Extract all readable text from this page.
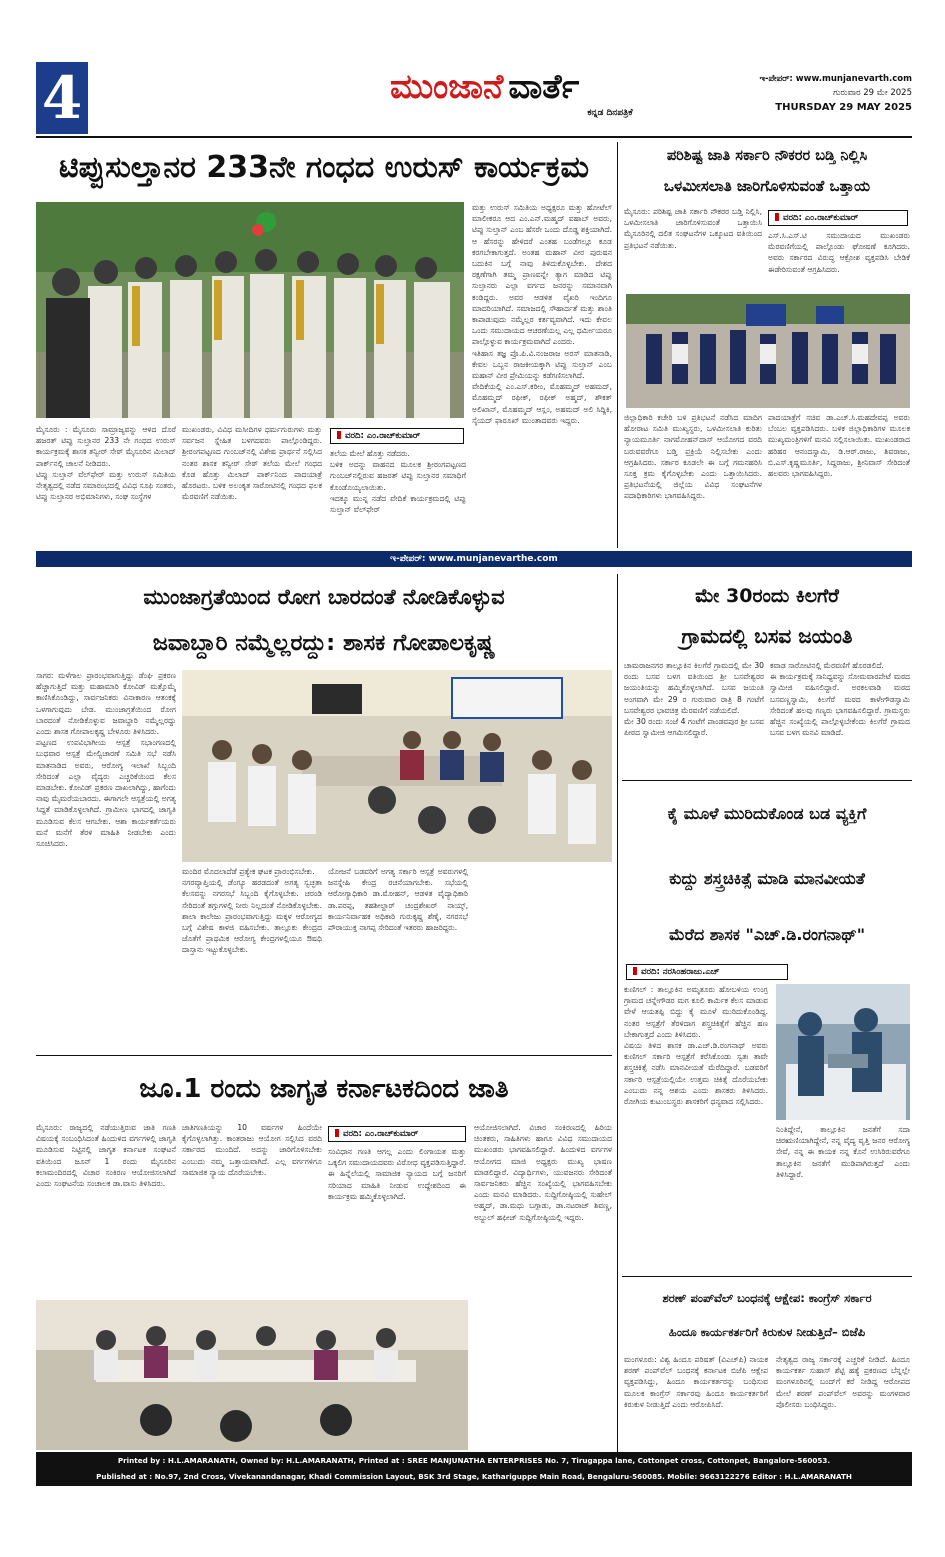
4	ಮುಂಜಾನೆ ವಾರ್ತೆ
ಕನ್ನಡ ದಿನಪತ್ರಿಕೆ
ಇ-ಪೇಪರ್: www.munjanevarth.com
ಗುರುವಾರ 29 ಮೇ 2025
THURSDAY 29 MAY 2025
ಟಿಪ್ಪುಸುಲ್ತಾನರ 233ನೇ ಗಂಧದ ಉರುಸ್ ಕಾರ್ಯಕ್ರಮ
ಮತ್ತು ಉರುಸ್ ಸಮಿತಿಯ ಅಧ್ಯಕ್ಷರೂ ಮತ್ತು ಹೋಟೆಲ್ ಮಾಲೀಕರೂ ಆದ ಎಂ.ಎನ್.ಮಹ್ಮದ್ ವಹಾಬ್ ಅವರು, ಟಿಪ್ಪು ಸುಲ್ತಾನ್ ಎಂಬ ಹೆಸರೇ ಒಂದು ದೊಡ್ಡ ಶಕ್ತಿಯಾಗಿದೆ. ಆ ಹೆಸರನ್ನು ಹೇಳಿದರೆ ಎಂತಹ ಬಂಡೆಗಲ್ಲೂ ಕೂಡ ಕರಗಬೇಕಾಗುತ್ತದೆ. ಅಂತಹ ಮಹಾನ್ ವೀರ ಪುರುಷನ ಬದುಕಿನ ಬಗ್ಗೆ ನಾವು ತಿಳಿದುಕೊಳ್ಳಬೇಕು. ದೇಶದ ರಕ್ಷಣೆಗಾಗಿ ತಮ್ಮ ಪ್ರಾಣವನ್ನೇ ತ್ಯಾಗ ಮಾಡಿದ ಟಿಪ್ಪು ಸುಲ್ತಾನರು ಎಲ್ಲಾ ವರ್ಗದ ಜನರನ್ನು ಸಮಾನವಾಗಿ ಕಂಡಿದ್ದರು. ಅವರ ಆಡಳಿತ ವೈಖರಿ ಇಂದಿಗೂ ಮಾದರಿಯಾಗಿದೆ. ಸಮಾಜದಲ್ಲಿ ಸೌಹಾರ್ದತೆ ಮತ್ತು ಶಾಂತಿ ಕಾಪಾಡುವುದು ನಮ್ಮೆಲ್ಲರ ಕರ್ತವ್ಯವಾಗಿದೆ. ಇದು ಕೇವಲ ಒಂದು ಸಮುದಾಯದ ಆಚರಣೆಯಲ್ಲ ಎಲ್ಲ ಧರ್ಮೀಯರೂ ಪಾಲ್ಗೊಳ್ಳುವ ಕಾರ್ಯಕ್ರಮವಾಗಿದೆ ಎಂದರು.
ಇತಿಹಾಸ ತಜ್ಞ ಪ್ರೊ.ಪಿ.ವಿ.ನಂಜರಾಜ ಅರಸ್ ಮಾತನಾಡಿ, ಕೇವಲ ಒಬ್ಬನ ರಾಜಕೀಯಕ್ಕಾಗಿ ಟಿಪ್ಪು ಸುಲ್ತಾನ್ ಎಂಬ ಮಹಾನ್ ವೀರ ಪ್ರೇಮಿಯನ್ನು ಕಡೆಗಣಿಸಲಾಗಿದೆ.
ವೇದಿಕೆಯಲ್ಲಿ ಎಂ.ಎಸ್.ಕರೀಂ, ಮೊಹಮ್ಮದ್ ಅಹಮದ್, ಮೊಹಮ್ಮದ್ ರಫೀಕ್, ರಫೀಕ್ ಅಹ್ಮದ್, ಶೌಕತ್ ಅಲಿಖಾನ್, ಮೊಹಮ್ಮದ್ ಆಸ್ಲಂ, ಅಹಮದ್ ಅಲಿ ಸಿದ್ದಿಕಿ, ಸೈಯದ್ ಫಾರೂಖ್ ಮುಂತಾದವರು ಇದ್ದರು.
ಮೈಸೂರು : ಮೈಸೂರು ಸಾಮ್ರಾಜ್ಯವನ್ನು ಆಳಿದ ದೊರೆ ಹಜರತ್ ಟಿಪ್ಪು ಸುಲ್ತಾನರ 233 ನೇ ಗಂಧದ ಉರುಸ್ ಕಾರ್ಯಕ್ರಮಕ್ಕೆ ಶಾಸಕ ತನ್ವೀರ್ ಸೇಠ್ ಮೈಸೂರಿನ ಮಿಲಾದ್ ಪಾರ್ಕ್‌ನಲ್ಲಿ ಚಾಲನೆ ನೀಡಿದರು.
ಟಿಪ್ಪು ಸುಲ್ತಾನ್ ವೆಲ್‌ಫೇರ್ ಮತ್ತು ಉರುಸ್ ಸಮಿತಿಯ ನೇತೃತ್ವದಲ್ಲಿ ನಡೆದ ಸಮಾರಂಭದಲ್ಲಿ ವಿವಿಧ ಸೂಫಿ ಸಂತರು, ಟಿಪ್ಪು ಸುಲ್ತಾನರ ಅಭಿಮಾನಿಗಳು, ಸಂಘ ಸಂಸ್ಥೆಗಳ
ಮುಖಂಡರು, ವಿವಿಧ ಮಸೀದಿಗಳ ಧರ್ಮಗುರುಗಳು ಮತ್ತು ಸರ್ವಜನ ಸ್ನೇಹಿತ ಬಳಗದವರು ಪಾಲ್ಗೊಂಡಿದ್ದರು. ಶ್ರೀರಂಗಪಟ್ಟಣದ ಗುಂಬಜ್‌ನಲ್ಲಿ ವಿಶೇಷ ಪ್ರಾರ್ಥನೆ ಸಲ್ಲಿಸಿದ ನಂತರ ಶಾಸಕ ತನ್ವೀರ್ ಸೇಠ್ ತಲೆಯ ಮೇಲೆ ಗಂಧದ ಕೊಡ ಹೊತ್ತು ಮಿಲಾದ್ ಪಾರ್ಕ್‌ನಿಂದ ಪಾದಯಾತ್ರೆ ಹೊರಟರು. ಬಳಿಕ ಅಲಂಕೃತ ಸಾರೋಟಿನಲ್ಲಿ ಗಂಧದ ಫಲಕ ಮೆರವಣಿಗೆ ನಡೆಯಿತು.
ವರದಿ: ಎಂ.ರಾಚ್‌ಕುಮಾರ್
ತಲೆಯ ಮೇಲೆ ಹೊತ್ತು ನಡೆದರು.
ಬಳಿಕ ಅದನ್ನು ವಾಹನದ ಮೂಲಕ ಶ್ರೀರಂಗಪಟ್ಟಣದ ಗುಂಬಜ್‌ನಲ್ಲಿರುವ ಹಜರತ್ ಟಿಪ್ಪು ಸುಲ್ತಾನರ ಸಮಾಧಿಗೆ ಕೊಂಡೊಯ್ಯಲಾಯಿತು.
ಇದಕ್ಕೂ ಮುನ್ನ ನಡೆದ ವೇದಿಕೆ ಕಾರ್ಯಕ್ರಮದಲ್ಲಿ ಟಿಪ್ಪು ಸುಲ್ತಾನ್ ವೆಲ್‌ಫೇರ್
ಪರಿಶಿಷ್ಟ ಜಾತಿ ಸರ್ಕಾರಿ ನೌಕರರ ಬಡ್ತಿ ನಿಲ್ಲಿಸಿ
ಒಳಮೀಸಲಾತಿ ಜಾರಿಗೊಳಿಸುವಂತೆ ಒತ್ತಾಯ
ಮೈಸೂರು: ಪರಿಶಿಷ್ಟ ಜಾತಿ ಸರ್ಕಾರಿ ನೌಕರರ ಬಡ್ತಿ ನಿಲ್ಲಿಸಿ, ಒಳಮೀಸಲಾತಿ ಜಾರಿಗೊಳಿಸುವಂತೆ ಒತ್ತಾಯಿಸಿ ಮೈಸೂರಿನಲ್ಲಿ ದಲಿತ ಸಂಘಟನೆಗಳ ಒಕ್ಕೂಟದ ವತಿಯಿಂದ ಪ್ರತಿಭಟನೆ ನಡೆಯಿತು.
ವರದಿ: ಎಂ.ರಾಚ್‌ಕುಮಾರ್
ಎಸ್.ಸಿ.ಎಸ್.ಟಿ ಸಮುದಾಯದ ಮುಖಂಡರು ಮೆರವಣಿಗೆಯಲ್ಲಿ ಪಾಲ್ಗೊಂಡು ಘೋಷಣೆ ಕೂಗಿದರು. ಅವರು ಸರ್ಕಾರದ ವಿರುದ್ಧ ಆಕ್ರೋಶ ವ್ಯಕ್ತಪಡಿಸಿ ಬೇಡಿಕೆ ಈಡೇರಿಸುವಂತೆ ಆಗ್ರಹಿಸಿದರು.
ಜಿಲ್ಲಾಧಿಕಾರಿ ಕಚೇರಿ ಬಳಿ ಪ್ರತಿಭಟನೆ ನಡೆಸಿದ ಮಾದಿಗ ಹೋರಾಟ ಸಮಿತಿ ಮುಖ್ಯಸ್ಥರು, ಒಳಮೀಸಲಾತಿ ಕುರಿತು ನ್ಯಾಯಮೂರ್ತಿ ನಾಗಮೋಹನ್‌ದಾಸ್ ಆಯೋಗದ ವರದಿ ಬರುವವರೆಗೂ ಬಡ್ತಿ ಪ್ರಕ್ರಿಯೆ ನಿಲ್ಲಿಸಬೇಕು ಎಂದು ಆಗ್ರಹಿಸಿದರು. ಸರ್ಕಾರ ಕೂಡಲೇ ಈ ಬಗ್ಗೆ ಗಮನಹರಿಸಿ ಸೂಕ್ತ ಕ್ರಮ ಕೈಗೊಳ್ಳಬೇಕು ಎಂದು ಒತ್ತಾಯಿಸಿದರು. ಪ್ರತಿಭಟನೆಯಲ್ಲಿ ಜಿಲ್ಲೆಯ ವಿವಿಧ ಸಂಘಟನೆಗಳ ಪದಾಧಿಕಾರಿಗಳು ಭಾಗವಹಿಸಿದ್ದರು.
ಪಾದಯಾತ್ರೆಗೆ ಸಚಿವ ಡಾ.ಎಚ್.ಸಿ.ಮಹದೇವಪ್ಪ ಅವರು ಬೆಂಬಲ ವ್ಯಕ್ತಪಡಿಸಿದರು. ಬಳಿಕ ಜಿಲ್ಲಾಧಿಕಾರಿಗಳ ಮೂಲಕ ಮುಖ್ಯಮಂತ್ರಿಗಳಿಗೆ ಮನವಿ ಸಲ್ಲಿಸಲಾಯಿತು. ಮುಖಂಡರಾದ ಹರಿಹರ ಆನಂದಸ್ವಾಮಿ, ಡಿ.ಆರ್.ರಾಜು, ಶಿವರಾಜು, ಬಿ.ಎಸ್.ಕೃಷ್ಣಮೂರ್ತಿ, ಸಿದ್ದರಾಜು, ಶ್ರೀನಿವಾಸ್ ಸೇರಿದಂತೆ ಹಲವರು ಭಾಗವಹಿಸಿದ್ದರು.
ಇ-ಪೇಪರ್: www.munjanevarthe.com
ಮುಂಜಾಗ್ರತೆಯಿಂದ ರೋಗ ಬಾರದಂತೆ ನೋಡಿಕೊಳ್ಳುವ
ಜವಾಬ್ದಾರಿ ನಮ್ಮೆಲ್ಲರದ್ದು: ಶಾಸಕ ಗೋಪಾಲಕೃಷ್ಣ
ಸಾಗರ: ಮಳೆಗಾಲ ಪ್ರಾರಂಭವಾಗುತ್ತಿದ್ದು ಡೆಂಘಿ ಪ್ರಕರಣ ಹೆಚ್ಚಾಗುತ್ತಿದೆ ಮತ್ತು ಮಹಾಮಾರಿ ಕೋವಿಡ್ ಮತ್ತೊಮ್ಮೆ ಕಾಣಿಸಿಕೊಂಡಿದ್ದು, ಸಾರ್ವಜನಿಕರು ವಿನಾಕಾರಣ ಆತಂಕಕ್ಕೆ ಒಳಗಾಗುವುದು ಬೇಡ. ಮುಂಜಾಗ್ರತೆಯಿಂದ ರೋಗ ಬಾರದಂತೆ ನೋಡಿಕೊಳ್ಳುವ ಜವಾಬ್ದಾರಿ ನಮ್ಮೆಲ್ಲರದ್ದು ಎಂದು ಶಾಸಕ ಗೋಪಾಲಕೃಷ್ಣ ಬೇಳೂರು ತಿಳಿಸಿದರು.
ಪಟ್ಟಣದ ಉಪವಿಭಾಗೀಯ ಆಸ್ಪತ್ರೆ ಸಭಾಂಗಣದಲ್ಲಿ ಬುಧವಾರ ಆಸ್ಪತ್ರೆ ಮೇಲ್ವಿಚಾರಣೆ ಸಮಿತಿ ಸಭೆ ನಡೆಸಿ ಮಾತನಾಡಿದ ಅವರು, ಆರೋಗ್ಯ ಇಲಾಖೆ ಸಿಬ್ಬಂದಿ ಸೇರಿದಂತೆ ಎಲ್ಲಾ ವೈದ್ಯರು ಎಚ್ಚರಿಕೆಯಿಂದ ಕೆಲಸ ಮಾಡಬೇಕು. ಕೋವಿಡ್ ಪ್ರಕರಣ ದಾಖಲಾಗಿದ್ದು, ಹಾಗೆಂದು ನಾವು ಮೈಮರೆಯಬಾರದು. ಈಗಾಗಲೇ ಆಸ್ಪತ್ರೆಯಲ್ಲಿ ಅಗತ್ಯ ಸಿದ್ದತೆ ಮಾಡಿಕೊಳ್ಳಲಾಗಿದೆ. ಗ್ರಾಮೀಣ ಭಾಗದಲ್ಲಿ ಜಾಗೃತಿ ಮೂಡಿಸುವ ಕೆಲಸ ಆಗಬೇಕು. ಆಶಾ ಕಾರ್ಯಕರ್ತೆಯರು ಮನೆ ಮನೆಗೆ ತೆರಳಿ ಮಾಹಿತಿ ನೀಡಬೇಕು ಎಂದು ಸೂಚಿಸಿದರು.
ಮಂದಿರ ಮೊದಲಾದೆಡೆ ಪ್ರತ್ಯೇಕ ಘಟಕ ಪ್ರಾರಂಭಿಸಬೇಕು.
ನಗರವ್ಯಾಪ್ತಿಯಲ್ಲಿ ಡೆಂಗ್ಯೂ ಹರಡದಂತೆ ಅಗತ್ಯ ಸ್ವಚ್ಛತಾ ಕೆಲಸವನ್ನು ನಗರಸಭೆ ಸಿಬ್ಬಂದಿ ಕೈಗೊಳ್ಳಬೇಕು. ಚರಂಡಿ ಸೇರಿದಂತೆ ತಗ್ಗುಗಳಲ್ಲಿ ನೀರು ನಿಲ್ಲದಂತೆ ನೋಡಿಕೊಳ್ಳಬೇಕು. ಶಾಲಾ ಕಾಲೇಜು ಪ್ರಾರಂಭವಾಗುತ್ತಿದ್ದು ಮಕ್ಕಳ ಆರೋಗ್ಯದ ಬಗ್ಗೆ ವಿಶೇಷ ಕಾಳಜಿ ವಹಿಸಬೇಕು. ತಾಲ್ಲೂಕು ಕೇಂದ್ರದ ಜೊತೆಗೆ ಪ್ರಾಥಮಿಕ ಆರೋಗ್ಯ ಕೇಂದ್ರಗಳಲ್ಲಿಯೂ ಔಷಧಿ ದಾಸ್ತಾನು ಇಟ್ಟುಕೊಳ್ಳಬೇಕು.
ಯೋಜನೆ ಬಡವರಿಗೆ ಅಗತ್ಯ ಸರ್ಕಾರಿ ಆಸ್ಪತ್ರೆ ಅವರುಗಳಲ್ಲಿ ಜನಸ್ನೇಹಿ ಕೇಂದ್ರ ರಚನೆಯಾಗಬೇಕು. ಸಭೆಯಲ್ಲಿ ಆರೋಗ್ಯಾಧಿಕಾರಿ ಡಾ.ಮೋಹನ್, ಆಡಳಿತ ವೈದ್ಯಾಧಿಕಾರಿ ಡಾ.ಪರಪ್ಪ, ತಹಶೀಲ್ದಾರ್ ಚಂದ್ರಶೇಖರ್ ನಾಯ್ಕ್, ಕಾರ್ಯನಿರ್ವಾಹಕ ಅಧಿಕಾರಿ ಗುರುಕೃಷ್ಣ ಶೆಣೈ, ನಗರಸಭೆ ಪೌರಾಯುಕ್ತ ನಾಗಪ್ಪ ಸೇರಿದಂತೆ ಇತರರು ಹಾಜರಿದ್ದರು.
ಮೇ 30ರಂದು ಕಿಲಗೆರೆ
ಗ್ರಾಮದಲ್ಲಿ ಬಸವ ಜಯಂತಿ
ಚಾಮರಾಜನಗರ ತಾಲ್ಲೂಕಿನ ಕಿಲಗೆರೆ ಗ್ರಾಮದಲ್ಲಿ ಮೇ 30 ರಂದು ಬಸವ ಬಳಗ ವತಿಯಿಂದ ಶ್ರೀ ಬಸವೇಶ್ವರರ ಜಯಂತಿಯನ್ನು ಹಮ್ಮಿಕೊಳ್ಳಲಾಗಿದೆ. ಬಸವ ಜಯಂತಿ ಅಂಗವಾಗಿ ಮೇ 29 ರ ಗುರುವಾರ ರಾತ್ರಿ 8 ಗಂಟೆಗೆ ಬಸವೇಶ್ವರರ ಭಾವಚಿತ್ರ ಮೆರವಣಿಗೆ ನಡೆಯಲಿದೆ.
ಮೇ 30 ರಂದು ಸಂಜೆ 4 ಗಂಟೆಗೆ ಪಾಂಡವಪುರ ಶ್ರೀ ಬಸವ ಪೀಠದ ಸ್ವಾಮೀಜಿ ಆಗಮಿಸಲಿದ್ದಾರೆ.
ಕವಾಡ ಸಾರೋಟಿನಲ್ಲಿ ಮೆರವಣಿಗೆ ಹೊರಡಲಿದೆ.
ಈ ಕಾರ್ಯಕ್ರಮಕ್ಕೆ ಸಾನಿಧ್ಯವನ್ನು ಸೋಮವಾರಪೇಟೆ ಮಠದ ಸ್ವಾಮೀಜಿ ವಹಿಸಲಿದ್ದಾರೆ. ಅರಕಲವಾಡಿ ಮಠದ ಬಸವಣ್ಣಸ್ವಾಮಿ, ಕಿಲಗೆರೆ ಮಠದ ಕಾಳೇಗೌಡಸ್ವಾಮಿ ಸೇರಿದಂತೆ ಹಲವು ಗಣ್ಯರು ಭಾಗವಹಿಸಲಿದ್ದಾರೆ. ಗ್ರಾಮಸ್ಥರು ಹೆಚ್ಚಿನ ಸಂಖ್ಯೆಯಲ್ಲಿ ಪಾಲ್ಗೊಳ್ಳಬೇಕೆಂದು ಕಿಲಗೆರೆ ಗ್ರಾಮದ ಬಸವ ಬಳಗ ಮನವಿ ಮಾಡಿದೆ.
ಕೈ ಮೂಳೆ ಮುರಿದುಕೊಂಡ ಬಡ ವ್ಯಕ್ತಿಗೆ
ಕುದ್ದು ಶಸ್ತ್ರಚಿಕಿತ್ಸೆ ಮಾಡಿ ಮಾನವೀಯತೆ
ಮೆರೆದ ಶಾಸಕ "ಎಚ್.ಡಿ.ರಂಗನಾಥ್"
ವರದಿ: ನರಸಿಂಹರಾಜು.ಎಚ್
ಕುಣಿಗಲ್ : ತಾಲ್ಲೂಕಿನ ಅಮೃತೂರು ಹೋಬಳಿಯ ಉಂಗ್ರ ಗ್ರಾಮದ ಚನ್ನೇಗೌಡರ ಮಗ ಕೂಲಿ ಕಾರ್ಮಿಕ ಕೆಲಸ ಮಾಡುವ ವೇಳೆ ಆಯತಪ್ಪಿ ಬಿದ್ದು ಕೈ ಮೂಳೆ ಮುರಿದುಕೊಂಡಿದ್ದ. ನಂತರ ಆಸ್ಪತ್ರೆಗೆ ತೆರಳಿದಾಗ ಶಸ್ತ್ರಚಿಕಿತ್ಸೆಗೆ ಹೆಚ್ಚಿನ ಹಣ ಬೇಕಾಗುತ್ತದೆ ಎಂದು ತಿಳಿಸಿದರು.
ವಿಷಯ ತಿಳಿದ ಶಾಸಕ ಡಾ.ಎಚ್.ಡಿ.ರಂಗನಾಥ್ ಅವರು ಕುಣಿಗಲ್ ಸರ್ಕಾರಿ ಆಸ್ಪತ್ರೆಗೆ ಕರೆಸಿಕೊಂಡು ಸ್ವತಃ ತಾವೇ ಶಸ್ತ್ರಚಿಕಿತ್ಸೆ ನಡೆಸಿ ಮಾನವೀಯತೆ ಮೆರೆದಿದ್ದಾರೆ. ಬಡವರಿಗೆ ಸರ್ಕಾರಿ ಆಸ್ಪತ್ರೆಯಲ್ಲಿಯೇ ಉತ್ತಮ ಚಿಕಿತ್ಸೆ ದೊರೆಯಬೇಕು ಎಂಬುದು ನನ್ನ ಆಶಯ ಎಂದು ಶಾಸಕರು ತಿಳಿಸಿದರು. ರೋಗಿಯ ಕುಟುಂಬಸ್ಥರು ಶಾಸಕರಿಗೆ ಧನ್ಯವಾದ ಸಲ್ಲಿಸಿದರು.
ನಿಂತಿದ್ದೇನೆ, ತಾಲ್ಲೂಕಿನ ಜನತೆಗೆ ಸದಾ ಚಿರಋಣಿಯಾಗಿದ್ದೇನೆ, ನನ್ನ ವೈದ್ಯ ವೃತ್ತಿ ಜನರ ಆರೋಗ್ಯ ಸೇವೆ, ನನ್ನ ಈ ಕಾಯಕ ನನ್ನ ಕೊನೆ ಉಸಿರಿರುವರೆಗೂ ತಾಲ್ಲೂಕಿನ ಜನತೆಗೆ ಮುಡಿಪಾಗಿರುತ್ತದೆ ಎಂದು ತಿಳಿಸಿದ್ದಾರೆ.
ಜೂ.1 ರಂದು ಜಾಗೃತ ಕರ್ನಾಟಕದಿಂದ ಜಾತಿ
ಮೈಸೂರು: ರಾಜ್ಯದಲ್ಲಿ ನಡೆಯುತ್ತಿರುವ ಜಾತಿ ಗಣತಿ ವಿಷಯಕ್ಕೆ ಸಂಬಂಧಿಸಿದಂತೆ ಹಿಂದುಳಿದ ವರ್ಗಗಳಲ್ಲಿ ಜಾಗೃತಿ ಮೂಡಿಸುವ ನಿಟ್ಟಿನಲ್ಲಿ ಜಾಗೃತ ಕರ್ನಾಟಕ ಸಂಘಟನೆ ವತಿಯಿಂದ ಜೂನ್ 1 ರಂದು ಮೈಸೂರಿನ ಕಲಾಮಂದಿರದಲ್ಲಿ ವಿಚಾರ ಸಂಕಿರಣ ಆಯೋಜಿಸಲಾಗಿದೆ ಎಂದು ಸಂಘಟನೆಯ ಸಂಚಾಲಕ ಡಾ.ವಾಸು ತಿಳಿಸಿದರು.
ಜಾತಿಗಣತಿಯನ್ನು 10 ವರ್ಷಗಳ ಹಿಂದೆಯೇ ಕೈಗೊಳ್ಳಲಾಗಿತ್ತು. ಕಾಂತರಾಜು ಆಯೋಗ ಸಲ್ಲಿಸಿದ ವರದಿ ಸರ್ಕಾರದ ಮುಂದಿದೆ. ಅದನ್ನು ಜಾರಿಗೊಳಿಸಬೇಕು ಎಂಬುದು ನಮ್ಮ ಒತ್ತಾಯವಾಗಿದೆ. ಎಲ್ಲ ವರ್ಗಗಳಿಗೂ ಸಾಮಾಜಿಕ ನ್ಯಾಯ ದೊರೆಯಬೇಕು.
ವರದಿ: ಎಂ.ರಾಚ್‌ಕುಮಾರ್
ಸಂವಿಧಾನ ಗಣತಿ ಆಗಲ್ಲ ಎಂದು ಲಿಂಗಾಯತ ಮತ್ತು ಒಕ್ಕಲಿಗ ಸಮುದಾಯದವರು ವಿರೋಧ ವ್ಯಕ್ತಪಡಿಸುತ್ತಿದ್ದಾರೆ. ಈ ಹಿನ್ನೆಲೆಯಲ್ಲಿ ಸಾಮಾಜಿಕ ನ್ಯಾಯದ ಬಗ್ಗೆ ಜನರಿಗೆ ಸರಿಯಾದ ಮಾಹಿತಿ ನೀಡುವ ಉದ್ದೇಶದಿಂದ ಈ ಕಾರ್ಯಕ್ರಮ ಹಮ್ಮಿಕೊಳ್ಳಲಾಗಿದೆ.
ಆಯೋಜಿಸಲಾಗಿದೆ. ವಿಚಾರ ಸಂಕಿರಣದಲ್ಲಿ ಹಿರಿಯ ಚಿಂತಕರು, ಸಾಹಿತಿಗಳು ಹಾಗೂ ವಿವಿಧ ಸಮುದಾಯದ ಮುಖಂಡರು ಭಾಗವಹಿಸಲಿದ್ದಾರೆ. ಹಿಂದುಳಿದ ವರ್ಗಗಳ ಆಯೋಗದ ಮಾಜಿ ಅಧ್ಯಕ್ಷರು ಮುಖ್ಯ ಭಾಷಣ ಮಾಡಲಿದ್ದಾರೆ. ವಿದ್ಯಾರ್ಥಿಗಳು, ಯುವಜನರು ಸೇರಿದಂತೆ ಸಾರ್ವಜನಿಕರು ಹೆಚ್ಚಿನ ಸಂಖ್ಯೆಯಲ್ಲಿ ಭಾಗವಹಿಸಬೇಕು ಎಂದು ಮನವಿ ಮಾಡಿದರು. ಸುದ್ದಿಗೋಷ್ಠಿಯಲ್ಲಿ ಸುಹೇಲ್ ಅಹ್ಮದ್, ಡಾ.ಮಧು ಬಗ್ಗಾಡು, ಡಾ.ನಟರಾಜ್ ಶಿವಣ್ಣ, ಅಬ್ದುಲ್ ಹಫೀಜ್ ಸುದ್ದಿಗೋಷ್ಠಿಯಲ್ಲಿ ಇದ್ದರು.
ಶರಣ್ ಪಂಪ್‌ವೆಲ್ ಬಂಧನಕ್ಕೆ ಆಕ್ಷೇಪ: ಕಾಂಗ್ರೆಸ್ ಸರ್ಕಾರ
ಹಿಂದೂ ಕಾರ್ಯಕರ್ತರಿಗೆ ಕಿರುಕುಳ ನೀಡುತ್ತಿದೆ– ಬಿಜೆಪಿ
ಮಂಗಳೂರು: ವಿಶ್ವ ಹಿಂದೂ ಪರಿಷತ್ (ವಿಎಚ್‌ಪಿ) ನಾಯಕ ಶರಣ್ ಪಂಪ್‌ವೆಲ್ ಬಂಧನಕ್ಕೆ ಕರ್ನಾಟಕ ಬಿಜೆಪಿ ಆಕ್ಷೇಪ ವ್ಯಕ್ತಪಡಿಸಿದ್ದು, ಹಿಂದೂ ಕಾರ್ಯಕರ್ತರನ್ನು ಬಂಧಿಸುವ ಮೂಲಕ ಕಾಂಗ್ರೆಸ್ ಸರ್ಕಾರವು ಹಿಂದೂ ಕಾರ್ಯಕರ್ತರಿಗೆ ಕಿರುಕುಳ ನೀಡುತ್ತಿದೆ ಎಂದು ಆರೋಪಿಸಿದೆ.
ನೇತೃತ್ವದ ರಾಜ್ಯ ಸರ್ಕಾರಕ್ಕೆ ಎಚ್ಚರಿಕೆ ನೀಡಿದೆ. ಹಿಂದೂ ಕಾರ್ಯಕರ್ತ ಸುಹಾಸ್ ಶೆಟ್ಟಿ ಹತ್ಯೆ ಪ್ರಕರಣದ ಬೆನ್ನಲ್ಲೇ ಮಂಗಳೂರಿನಲ್ಲಿ ಬಂದ್‌ಗೆ ಕರೆ ನೀಡಿದ್ದ ಆರೋಪದ ಮೇಲೆ ಶರಣ್ ಪಂಪ್‌ವೆಲ್ ಅವರನ್ನು ಮಂಗಳವಾರ ಪೊಲೀಸರು ಬಂಧಿಸಿದ್ದರು.
Printed by : H.L.AMARANATH, Owned by: H.L.AMARANATH, Printed at : SREE MANJUNATHA ENTERPRISES No. 7, Tirugappa lane, Cottonpet cross, Cottonpet, Bangalore-560053.
Published at : No.97, 2nd Cross, Vivekanandanagar, Khadi Commission Layout, BSK 3rd Stage, Kathariguppe Main Road, Bengaluru-560085. Mobile: 9663122276 Editor : H.L.AMARANATH
